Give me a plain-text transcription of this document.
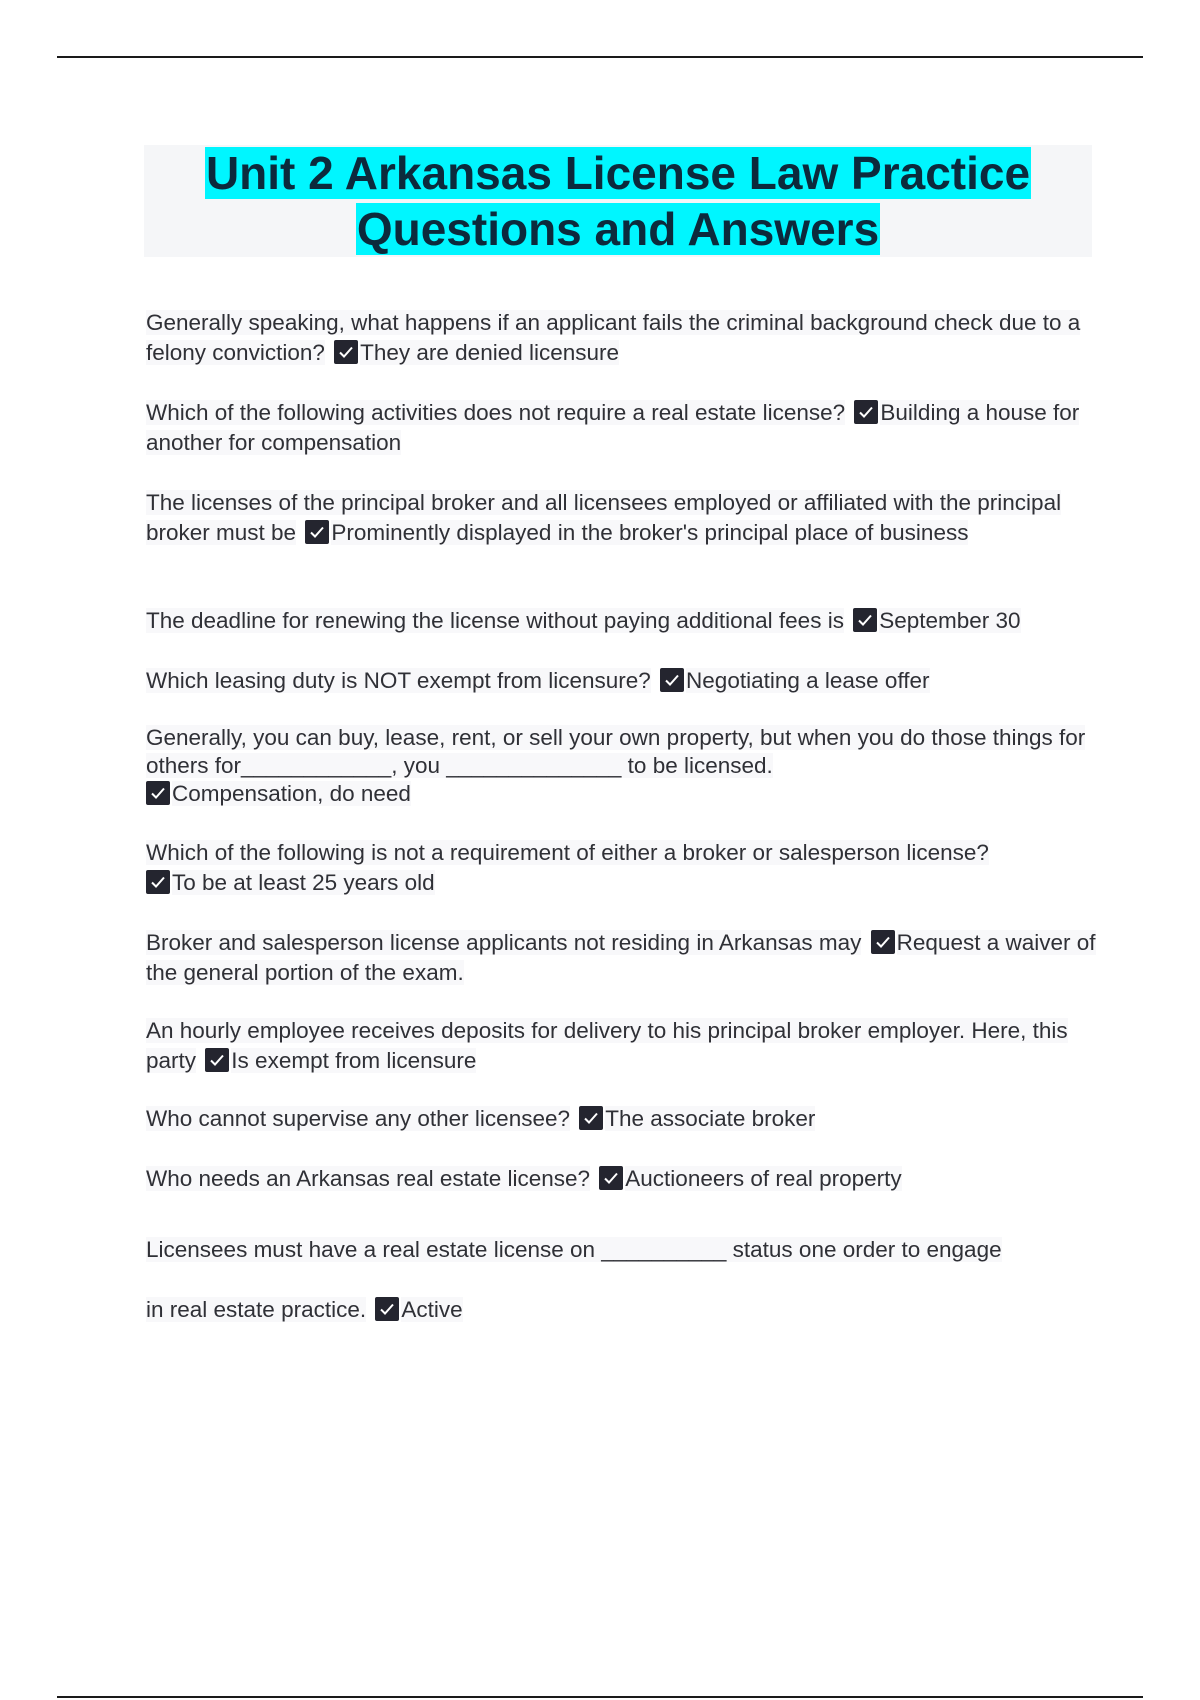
Unit 2 Arkansas License Law Practice
Questions and Answers
Generally speaking, what happens if an applicant fails the criminal background check due to a felony conviction? They are denied licensure
Which of the following activities does not require a real estate license? Building a house for another for compensation
The licenses of the principal broker and all licensees employed or affiliated with the principal broker must be Prominently displayed in the broker's principal place of business
The deadline for renewing the license without paying additional fees is September 30
Which leasing duty is NOT exempt from licensure? Negotiating a lease offer
Generally, you can buy, lease, rent, or sell your own property, but when you do those things for others for____________, you ______________ to be licensed.

Compensation, do need
Which of the following is not a requirement of either a broker or salesperson license?

To be at least 25 years old
Broker and salesperson license applicants not residing in Arkansas may Request a waiver of the general portion of the exam.
An hourly employee receives deposits for delivery to his principal broker employer. Here, this party Is exempt from licensure
Who cannot supervise any other licensee? The associate broker
Who needs an Arkansas real estate license? Auctioneers of real property
Licensees must have a real estate license on __________ status one order to engage
in real estate practice. Active
